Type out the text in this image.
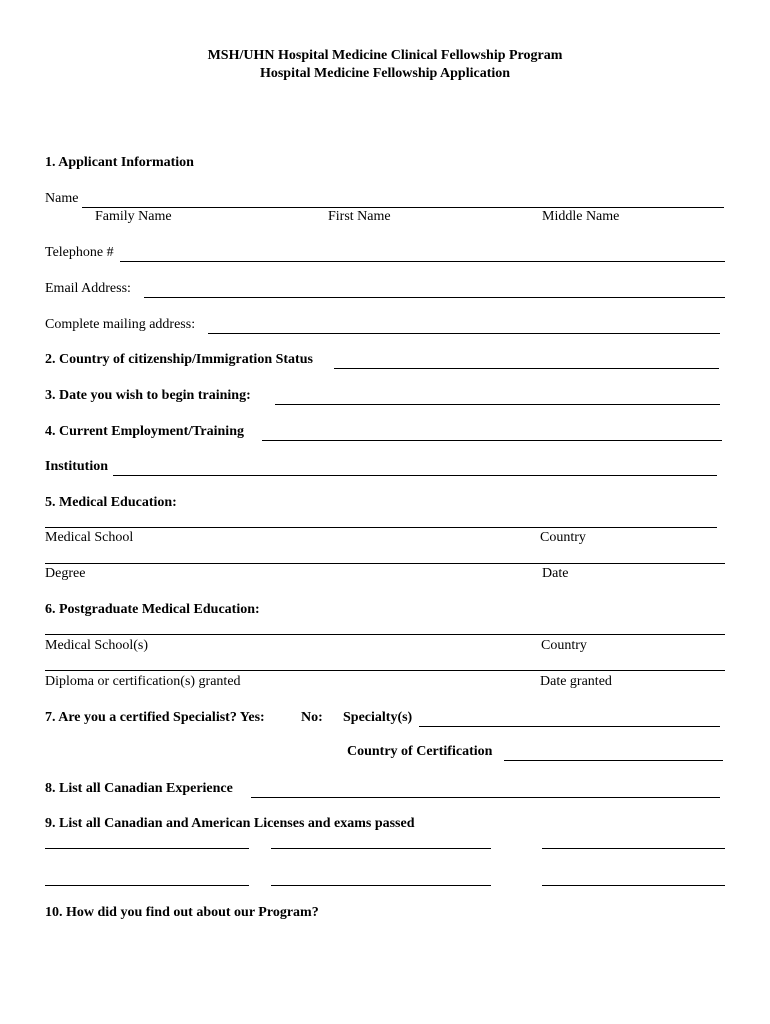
MSH/UHN Hospital Medicine Clinical Fellowship Program
Hospital Medicine Fellowship Application
1. Applicant Information
Name
Family Name	First Name	Middle Name
Telephone #
Email Address:
Complete mailing address:
2. Country of citizenship/Immigration Status
3. Date you wish to begin training:
4. Current Employment/Training
Institution
5. Medical Education:
Medical School	Country
Degree	Date
6. Postgraduate Medical Education:
Medical School(s)	Country
Diploma or certification(s) granted	Date granted
7. Are you a certified Specialist? Yes:	No: Specialty(s)
Country of Certification
8. List all Canadian Experience
9. List all Canadian and American Licenses and exams passed
10. How did you find out about our Program?
